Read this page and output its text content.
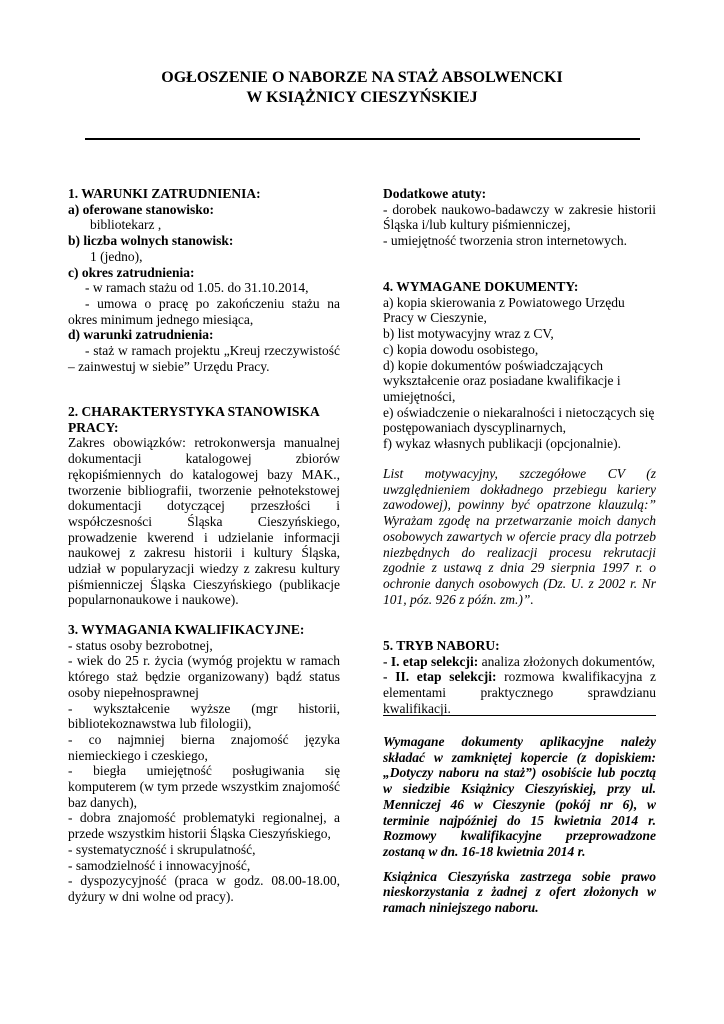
OGŁOSZENIE O NABORZE NA STAŻ ABSOLWENCKI
W KSIĄŻNICY CIESZYŃSKIEJ

1. WARUNKI ZATRUDNIENIA:

a) oferowane stanowisko:

bibliotekarz ,

b) liczba wolnych stanowisk:

1 (jedno),

c) okres zatrudnienia:

- w ramach stażu od 1.05. do 31.10.2014,

- umowa o pracę po zakończeniu stażu na okres minimum jednego miesiąca,

d) warunki zatrudnienia:

- staż w ramach projektu „Kreuj rzeczywistość – zainwestuj w siebie” Urzędu Pracy.

2. CHARAKTERYSTYKA STANOWISKA PRACY:

Zakres obowiązków: retrokonwersja manualnej dokumentacji katalogowej zbiorów rękopiśmiennych do katalogowej bazy MAK., tworzenie bibliografii, tworzenie pełnotekstowej dokumentacji dotyczącej przeszłości i współczesności Śląska Cieszyńskiego, prowadzenie kwerend i udzielanie informacji naukowej z zakresu historii i kultury Śląska, udział w popularyzacji wiedzy z zakresu kultury piśmienniczej Śląska Cieszyńskiego (publikacje popularnonaukowe i naukowe).

3. WYMAGANIA KWALIFIKACYJNE:

- status osoby bezrobotnej,

- wiek do 25 r. życia (wymóg projektu w ramach którego staż będzie organizowany) bądź status osoby niepełnosprawnej

- wykształcenie wyższe (mgr historii, bibliotekoznawstwa lub filologii),

- co najmniej bierna znajomość języka niemieckiego i czeskiego,

- biegła umiejętność posługiwania się komputerem (w tym przede wszystkim znajomość baz danych),

- dobra znajomość problematyki regionalnej, a przede wszystkim historii Śląska Cieszyńskiego,

- systematyczność i skrupulatność,

- samodzielność i innowacyjność,

- dyspozycyjność (praca w godz. 08.00-18.00, dyżury w dni wolne od pracy).

Dodatkowe atuty:

- dorobek naukowo-badawczy w zakresie historii Śląska i/lub kultury piśmienniczej,

- umiejętność tworzenia stron internetowych.

4. WYMAGANE DOKUMENTY:

a) kopia skierowania z Powiatowego Urzędu Pracy w Cieszynie,

b) list motywacyjny wraz z CV,

c) kopia dowodu osobistego,

d) kopie dokumentów poświadczających wykształcenie oraz posiadane kwalifikacje i umiejętności,

e) oświadczenie o niekaralności i nietoczących się postępowaniach dyscyplinarnych,

f) wykaz własnych publikacji (opcjonalnie).

List motywacyjny, szczegółowe CV (z uwzględnieniem dokładnego przebiegu kariery zawodowej), powinny być opatrzone klauzulą:” Wyrażam zgodę na przetwarzanie moich danych osobowych zawartych w ofercie pracy dla potrzeb niezbędnych do realizacji procesu rekrutacji zgodnie z ustawą z dnia 29 sierpnia 1997 r. o ochronie danych osobowych (Dz. U. z 2002 r. Nr 101, póz. 926 z późn. zm.)”.

5. TRYB NABORU:

- I. etap selekcji: analiza złożonych dokumentów,

- II. etap selekcji: rozmowa kwalifikacyjna z elementami praktycznego sprawdzianu kwalifikacji.

Wymagane dokumenty aplikacyjne należy składać w zamkniętej kopercie (z dopiskiem: „Dotyczy naboru na staż”) osobiście lub pocztą w siedzibie Książnicy Cieszyńskiej, przy ul. Menniczej 46 w Cieszynie (pokój nr 6), w terminie najpóźniej do 15 kwietnia 2014 r. Rozmowy kwalifikacyjne przeprowadzone zostaną w dn. 16-18 kwietnia 2014 r.

Książnica Cieszyńska zastrzega sobie prawo nieskorzystania z żadnej z ofert złożonych w ramach niniejszego naboru.
